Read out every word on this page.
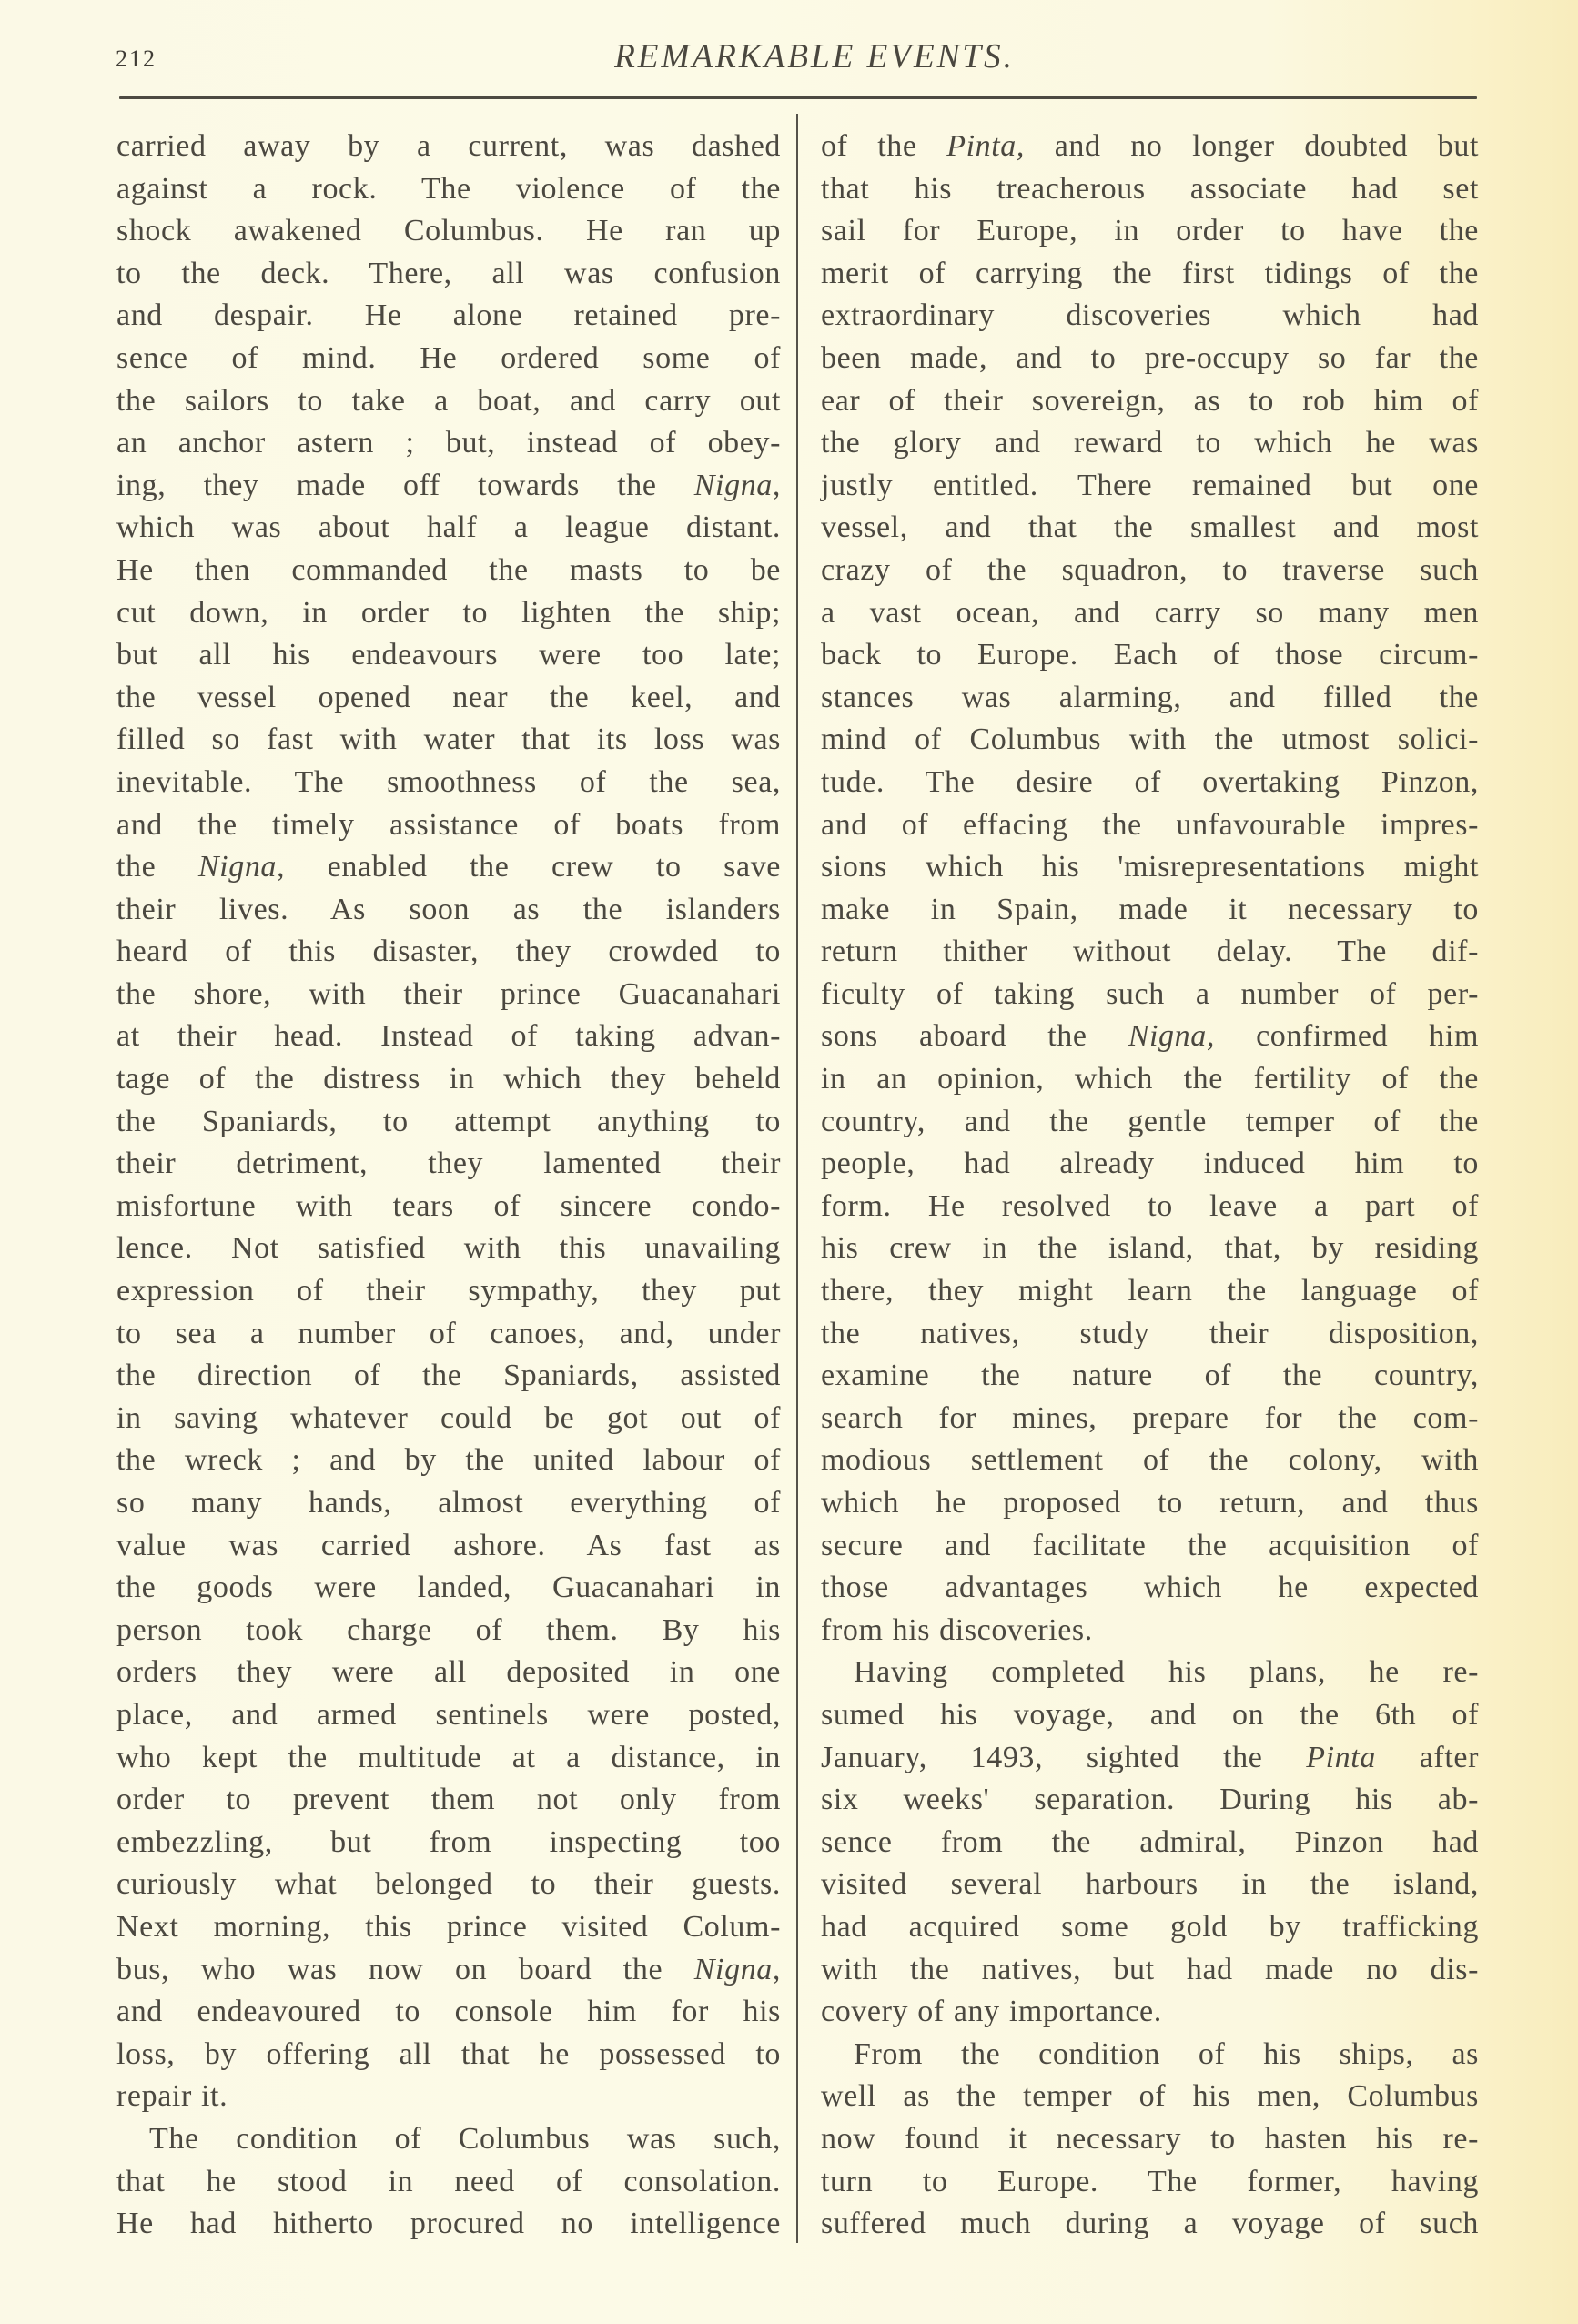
212	REMARKABLE EVENTS.
carried away by a current, was dashed
against a rock. The violence of the
shock awakened Columbus. He ran up
to the deck. There, all was confusion
and despair. He alone retained pre-
sence of mind. He ordered some of
the sailors to take a boat, and carry out
an anchor astern ; but, instead of obey-
ing, they made off towards the Nigna,
which was about half a league distant.
He then commanded the masts to be
cut down, in order to lighten the ship;
but all his endeavours were too late;
the vessel opened near the keel, and
filled so fast with water that its loss was
inevitable. The smoothness of the sea,
and the timely assistance of boats from
the Nigna, enabled the crew to save
their lives. As soon as the islanders
heard of this disaster, they crowded to
the shore, with their prince Guacanahari
at their head. Instead of taking advan-
tage of the distress in which they beheld
the Spaniards, to attempt anything to
their detriment, they lamented their
misfortune with tears of sincere condo-
lence. Not satisfied with this unavailing
expression of their sympathy, they put
to sea a number of canoes, and, under
the direction of the Spaniards, assisted
in saving whatever could be got out of
the wreck ; and by the united labour of
so many hands, almost everything of
value was carried ashore. As fast as
the goods were landed, Guacanahari in
person took charge of them. By his
orders they were all deposited in one
place, and armed sentinels were posted,
who kept the multitude at a distance, in
order to prevent them not only from
embezzling, but from inspecting too
curiously what belonged to their guests.
Next morning, this prince visited Colum-
bus, who was now on board the Nigna,
and endeavoured to console him for his
loss, by offering all that he possessed to
repair it.
The condition of Columbus was such,
that he stood in need of consolation.
He had hitherto procured no intelligence
of the Pinta, and no longer doubted but
that his treacherous associate had set
sail for Europe, in order to have the
merit of carrying the first tidings of the
extraordinary discoveries which had
been made, and to pre-occupy so far the
ear of their sovereign, as to rob him of
the glory and reward to which he was
justly entitled. There remained but one
vessel, and that the smallest and most
crazy of the squadron, to traverse such
a vast ocean, and carry so many men
back to Europe. Each of those circum-
stances was alarming, and filled the
mind of Columbus with the utmost solici-
tude. The desire of overtaking Pinzon,
and of effacing the unfavourable impres-
sions which his 'misrepresentations might
make in Spain, made it necessary to
return thither without delay. The dif-
ficulty of taking such a number of per-
sons aboard the Nigna, confirmed him
in an opinion, which the fertility of the
country, and the gentle temper of the
people, had already induced him to
form. He resolved to leave a part of
his crew in the island, that, by residing
there, they might learn the language of
the natives, study their disposition,
examine the nature of the country,
search for mines, prepare for the com-
modious settlement of the colony, with
which he proposed to return, and thus
secure and facilitate the acquisition of
those advantages which he expected
from his discoveries.
Having completed his plans, he re-
sumed his voyage, and on the 6th of
January, 1493, sighted the Pinta after
six weeks' separation. During his ab-
sence from the admiral, Pinzon had
visited several harbours in the island,
had acquired some gold by trafficking
with the natives, but had made no dis-
covery of any importance.
From the condition of his ships, as
well as the temper of his men, Columbus
now found it necessary to hasten his re-
turn to Europe. The former, having
suffered much during a voyage of such
